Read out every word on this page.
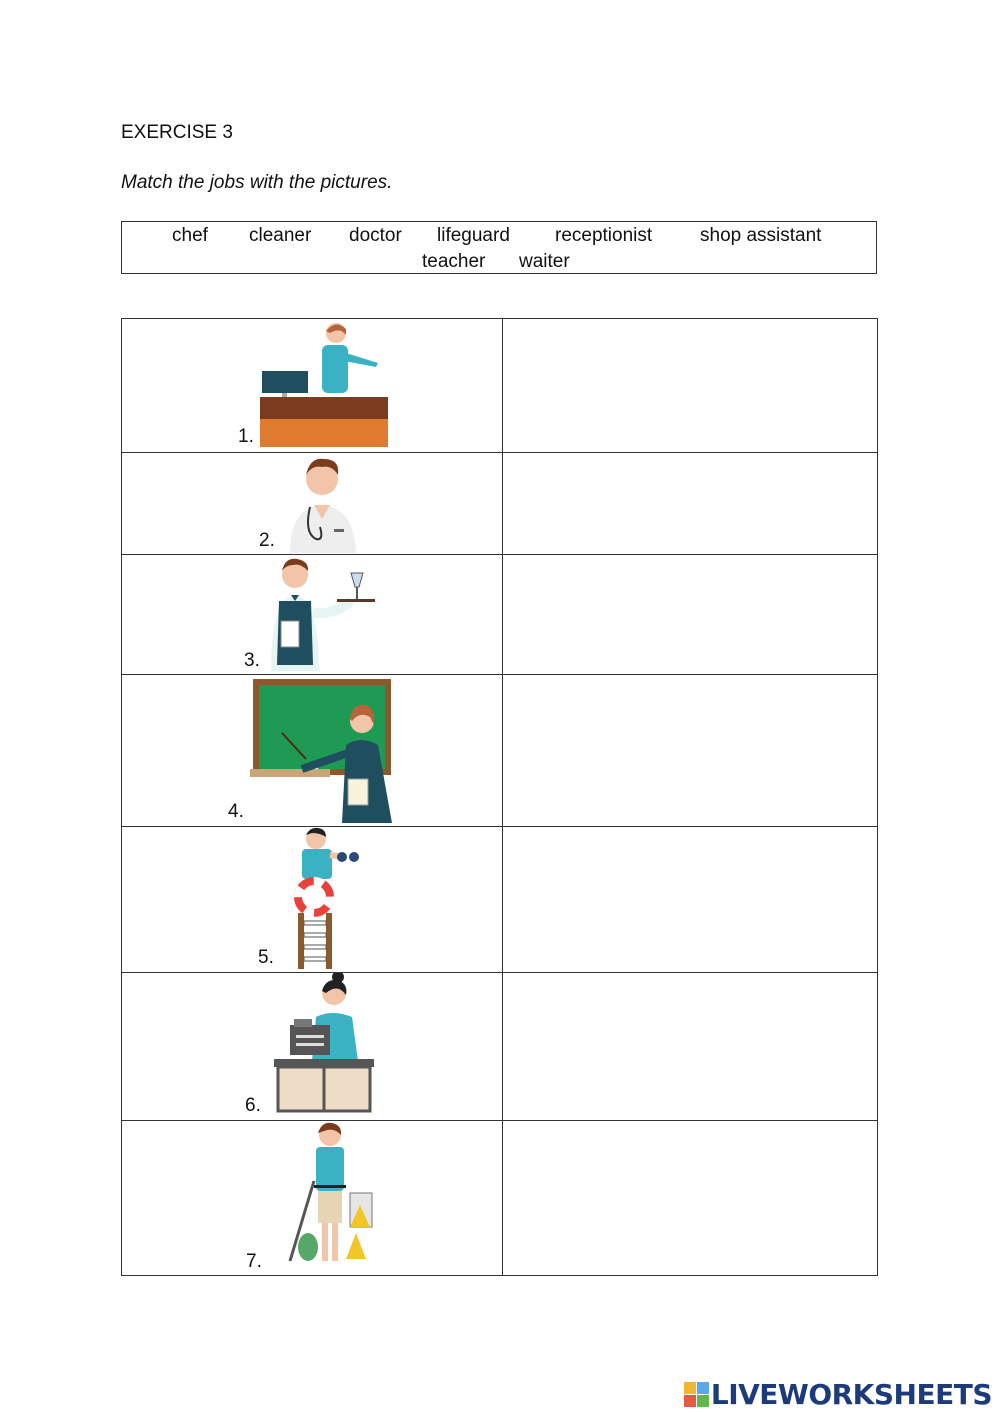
EXERCISE 3
Match the jobs with the pictures.
chef cleaner doctor lifeguard receptionist	shop assistant
teacher waiter
1.	

2.	

3.	

4.	

5.	

6.	

7.	

LIVEWORKSHEETS
